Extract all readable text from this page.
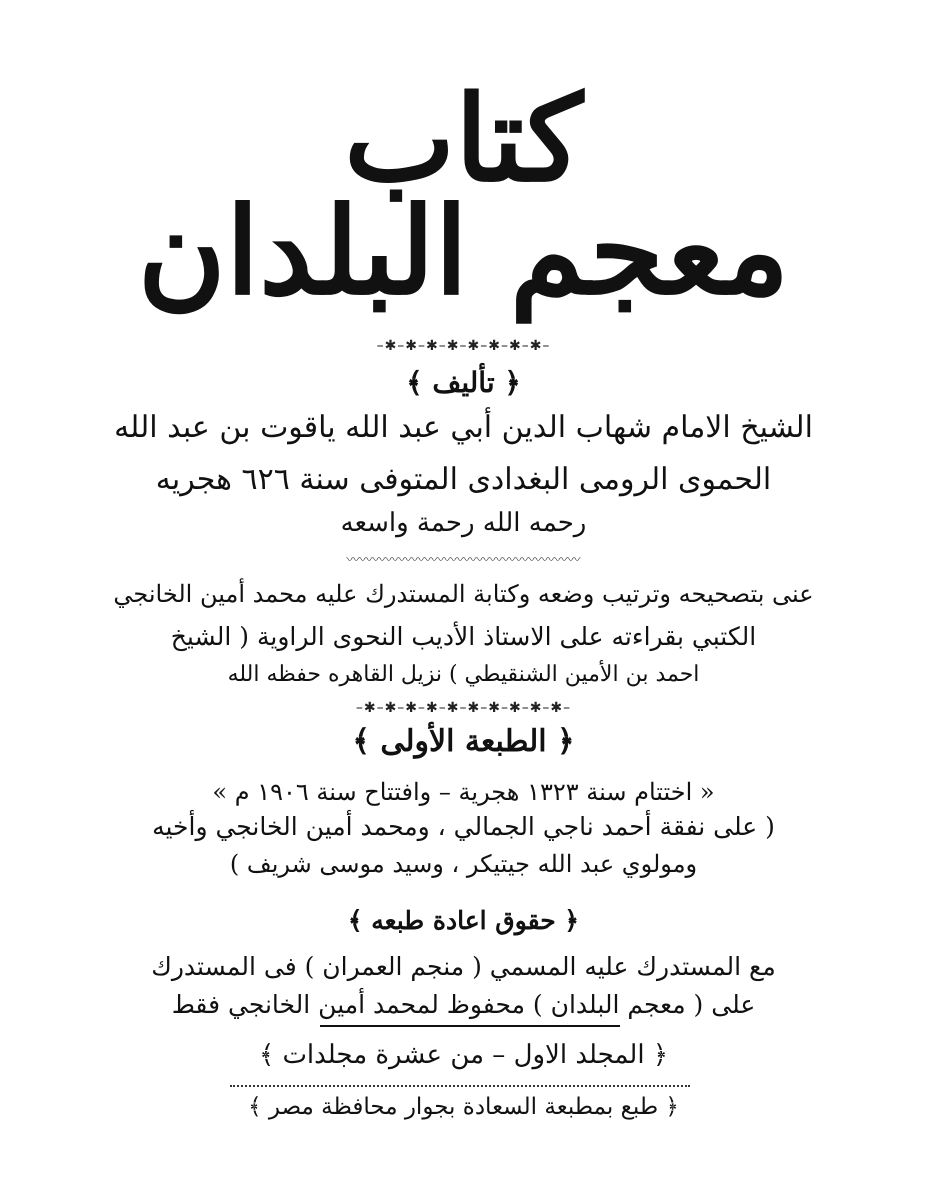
كتاب
معجم البلدان
–✱–✱–✱–✱–✱–✱–✱–✱–
﴿ تأليف ﴾
الشيخ الامام شهاب الدين أبي عبد الله ياقوت بن عبد الله
الحموى الرومى البغدادى المتوفى سنة ٦٢٦ هجريه
رحمه الله رحمة واسعه
〰〰〰〰〰〰〰〰〰〰〰〰〰〰〰〰〰〰
عنى بتصحيحه وترتيب وضعه وكتابة المستدرك عليه محمد أمين الخانجي
الكتبي بقراءته على الاستاذ الأديب النحوى الراوية ( الشيخ
احمد بن الأمين الشنقيطي ) نزيل القاهره حفظه الله
–✱–✱–✱–✱–✱–✱–✱–✱–✱–✱–
﴿ الطبعة الأولى ﴾
« اختتام سنة ١٣٢٣ هجرية – وافتتاح سنة ١٩٠٦ م »
( على نفقة أحمد ناجي الجمالي ، ومحمد أمين الخانجي وأخيه
ومولوي عبد الله جيتيكر ، وسيد موسى شريف )
﴿ حقوق اعادة طبعه ﴾
مع المستدرك عليه المسمي ( منجم العمران ) فى المستدرك
على ( معجم البلدان ) محفوظ لمحمد أمين الخانجي فقط
﴿ المجلد الاول – من عشرة مجلدات ﴾
﴿ طبع بمطبعة السعادة بجوار محافظة مصر ﴾
